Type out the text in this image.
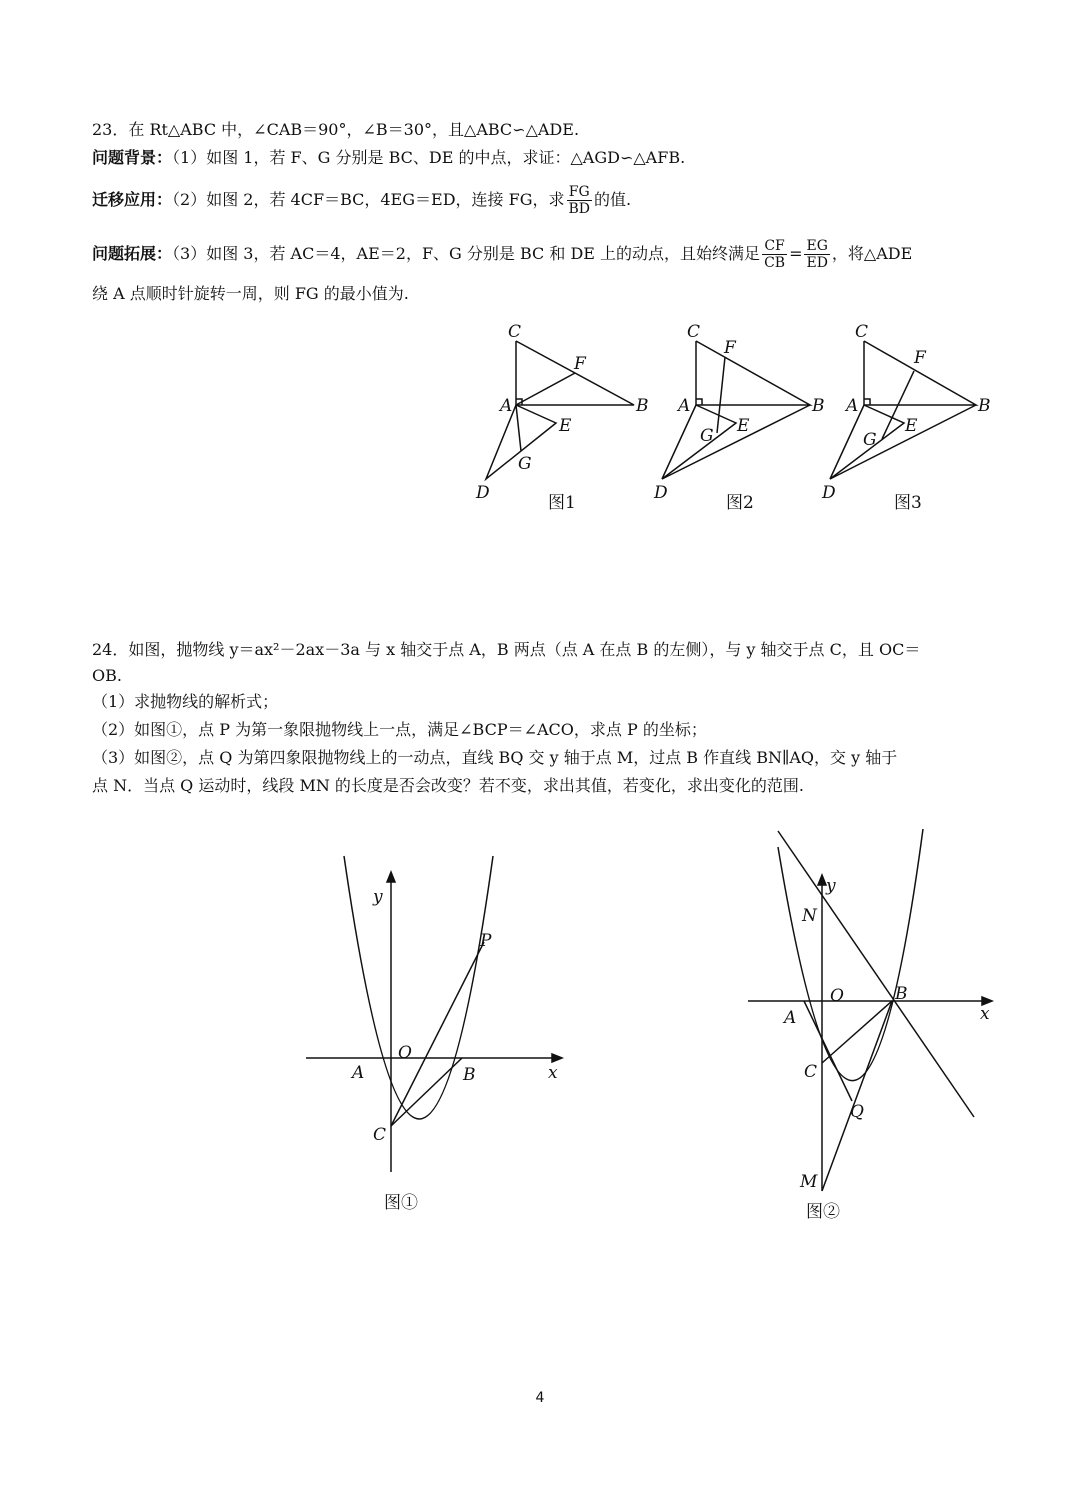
23．在 Rt△ABC 中，∠CAB＝90°，∠B＝30°，且△ABC∽△ADE.
问题背景：（1）如图 1，若 F、G 分别是 BC、DE 的中点，求证：△AGD∽△AFB.
迁移应用：（2）如图 2，若 4CF＝BC，4EG＝ED，连接 FG，求 $\frac{FG}{BD}$ 的值.
问题拓展：（3）如图 3，若 AC＝4，AE＝2，F、G 分别是 BC 和 DE 上的动点，且始终满足 $\frac{CF}{CB} = \frac{EG}{ED}$ ，将△ADE
绕 A 点顺时针旋转一周，则 FG 的最小值为.
C
F
A	B
E
G
D	图1
C
F
A	B
E
G
D	图2
C
F
A	B
E
G
D	图3
24．如图，抛物线 y＝ax²－2ax－3a 与 x 轴交于点 A，B 两点（点 A 在点 B 的左侧），与 y 轴交于点 C，且 OC＝
OB.
（1）求抛物线的解析式；
（2）如图①，点 P 为第一象限抛物线上一点，满足∠BCP＝∠ACO，求点 P 的坐标；
（3）如图②，点 Q 为第四象限抛物线上的一动点，直线 BQ 交 y 轴于点 M，过点 B 作直线 BN∥AQ，交 y 轴于
点 N．当点 Q 运动时，线段 MN 的长度是否会改变？若不变，求出其值，若变化，求出变化的范围.
y
P
O
A	B	x
C
图①
y
N
O	B
x
A
C
Q
M
图②
4
